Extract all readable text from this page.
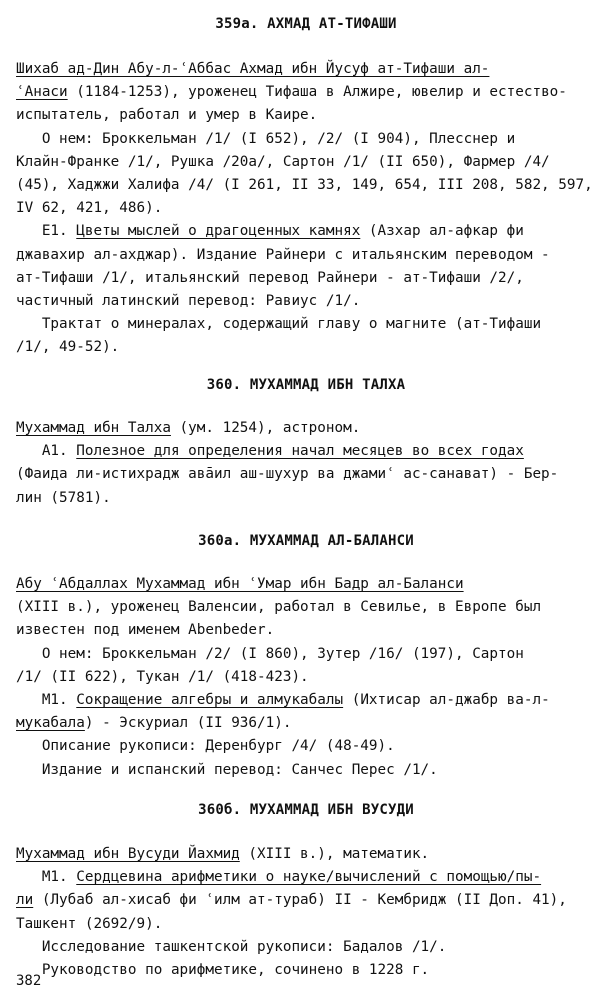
359а. АХМАД АТ-ТИФАШИ
Шихаб ад-Дин Абу-л-ʿАббас Ахмад ибн Йусуф ат-Тифаши ал-
ʿАнаси (1184-1253), уроженец Тифаша в Алжире, ювелир и естество-
испытатель, работал и умер в Каире.
О нем: Броккельман /1/ (I 652), /2/ (I 904), Плесснер и
Клайн-Франке /1/, Рушка /20а/, Сартон /1/ (II 650), Фармер /4/
(45), Хаджжи Халифа /4/ (I 261, II 33, 149, 654, III 208, 582, 597,
IV 62, 421, 486).
Е1. Цветы мыслей о драгоценных камнях (Азхар ал-афкар фи
джавахир ал-ахджар). Издание Райнери с итальянским переводом -
ат-Тифаши /1/, итальянский перевод Райнери - ат-Тифаши /2/,
частичный латинский перевод: Равиус /1/.
Трактат о минералах, содержащий главу о магните (ат-Тифаши
/1/, 49-52).
360. МУХАММАД ИБН ТАЛХА
Мухаммад ибн Талха (ум. 1254), астроном.
А1. Полезное для определения начал месяцев во всех годах
(Фаида ли-истихрадж авāил аш-шухур ва джамиʿ ас-санават) - Бер-
лин (5781).
360а. МУХАММАД АЛ-БАЛАНСИ
Абу ʿАбдаллах Мухаммад ибн ʿУмар ибн Бадр ал-Баланси
(XIII в.), уроженец Валенсии, работал в Севилье, в Европе был
известен под именем Abenbeder.
О нем: Броккельман /2/ (I 860), Зутер /16/ (197), Сартон
/1/ (II 622), Тукан /1/ (418-423).
М1. Сокращение алгебры и алмукабалы (Ихтисар ал-джабр ва-л-
мукабала) - Эскуриал (II 936/1).
Описание рукописи: Деренбург /4/ (48-49).
Издание и испанский перевод: Санчес Перес /1/.
360б. МУХАММАД ИБН ВУСУДИ
Мухаммад ибн Вусуди Йахмид (XIII в.), математик.
М1. Сердцевина арифметики о науке/вычислений с помощью/пы-
ли (Лубаб ал-хисаб фи ʿилм ат-тураб) II - Кембридж (II Доп. 41),
Ташкент (2692/9).
Исследование ташкентской рукописи: Бадалов /1/.
Руководство по арифметике, сочинено в 1228 г.
382
